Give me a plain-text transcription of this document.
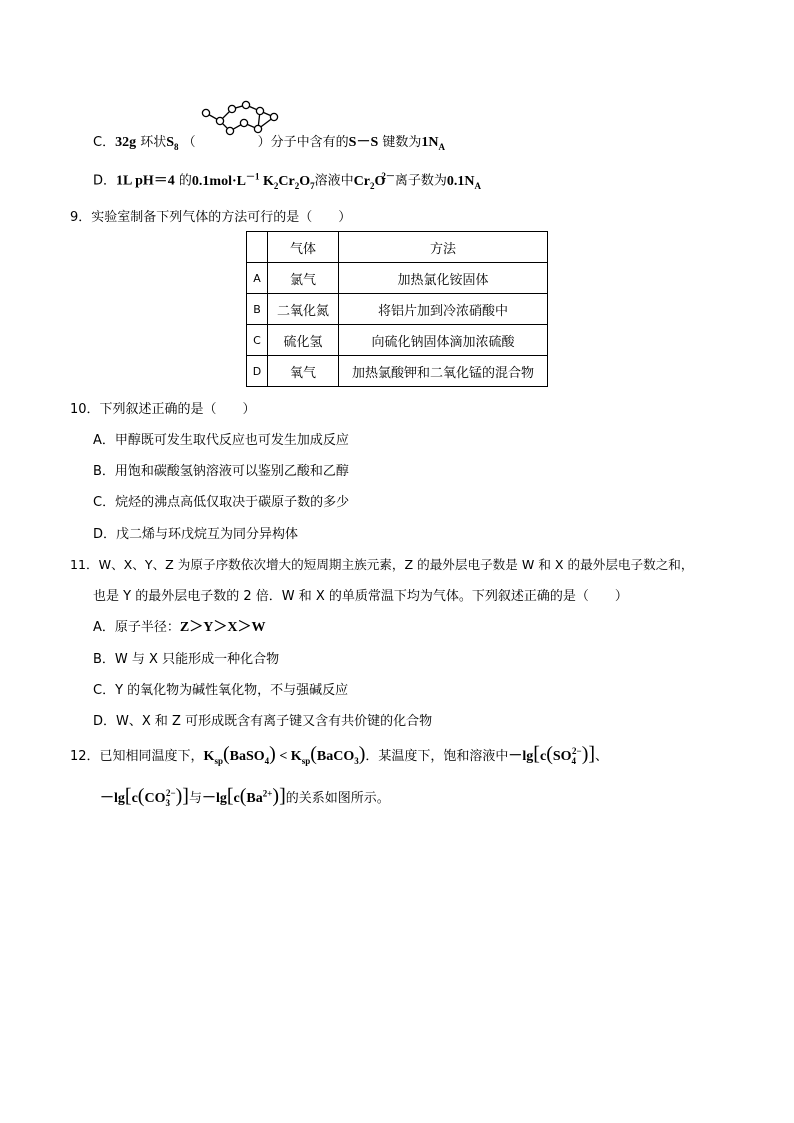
C．32g 环状$S_8$ （	）分子中含有的S－S 键数为$1N_A$
D．1L pH＝4 的$0.1mol\cdot L^{-1}$ $K_2Cr_2O_7$溶液中$Cr_2O^{2-}$离子数为$0.1N_A$
9．实验室制备下列气体的方法可行的是（　　）
	气体	方法
A	氯气	加热氯化铵固体
B	二氧化氮	将铝片加到冷浓硝酸中
C	硫化氢	向硫化钠固体滴加浓硫酸
D	氧气	加热氯酸钾和二氧化锰的混合物
10．下列叙述正确的是（　　）
A．甲醇既可发生取代反应也可发生加成反应
B．用饱和碳酸氢钠溶液可以鉴别乙酸和乙醇
C．烷烃的沸点高低仅取决于碳原子数的多少
D．戊二烯与环戊烷互为同分异构体
11．W、X、Y、Z 为原子序数依次增大的短周期主族元素，Z 的最外层电子数是 W 和 X 的最外层电子数之和，
也是 Y 的最外层电子数的 2 倍．W 和 X 的单质常温下均为气体。下列叙述正确的是（　　）
A．原子半径：Z＞Y＞X＞W
B．W 与 X 只能形成一种化合物
C．Y 的氧化物为碱性氧化物，不与强碱反应
D．W、X 和 Z 可形成既含有离子键又含有共价键的化合物
12．已知相同温度下，$K_{sp}(BaSO_4)$ < $K_{sp}(BaCO_3)$．某温度下，饱和溶液中$-\lg[c(SO_4^{2-})]$、
$-\lg[c(CO_3^{2-})]$与$-\lg[c(Ba^{2+})]$的关系如图所示。
